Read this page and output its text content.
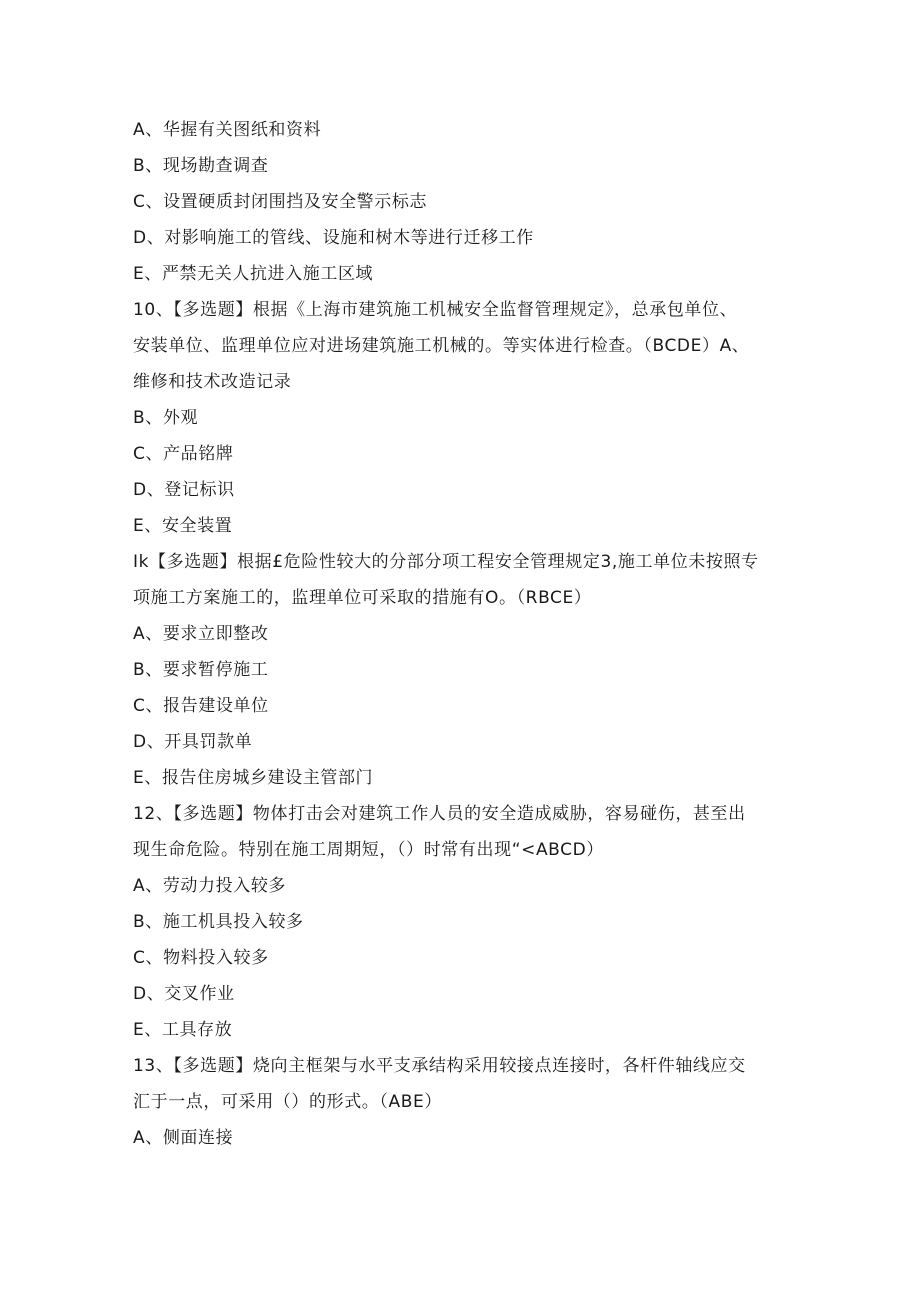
A、华握有关图纸和资料
B、现场勘查调查
C、设置硬质封闭围挡及安全警示标志
D、对影响施工的管线、设施和树木等进行迁移工作
E、严禁无关人抗进入施工区域
10、【多选题】根据《上海市建筑施工机械安全监督管理规定》，总承包单位、
安装单位、监理单位应对进场建筑施工机械的。等实体进行检查。（BCDE）A、
维修和技术改造记录
B、外观
C、产品铭牌
D、登记标识
E、安全装置
Ik【多选题】根据£危险性较大的分部分项工程安全管理规定3,施工单位未按照专
项施工方案施工的，监理单位可采取的措施有O。（RBCE）
A、要求立即整改
B、要求暂停施工
C、报告建设单位
D、开具罚款单
E、报告住房城乡建设主管部门
12、【多选题】物体打击会对建筑工作人员的安全造成威胁，容易碰伤，甚至出
现生命危险。特别在施工周期短，（）时常有出现“<ABCD）
A、劳动力投入较多
B、施工机具投入较多
C、物料投入较多
D、交叉作业
E、工具存放
13、【多选题】烧向主框架与水平支承结构采用较接点连接时，各杆件轴线应交
汇于一点，可采用（）的形式。（ABE）
A、侧面连接
